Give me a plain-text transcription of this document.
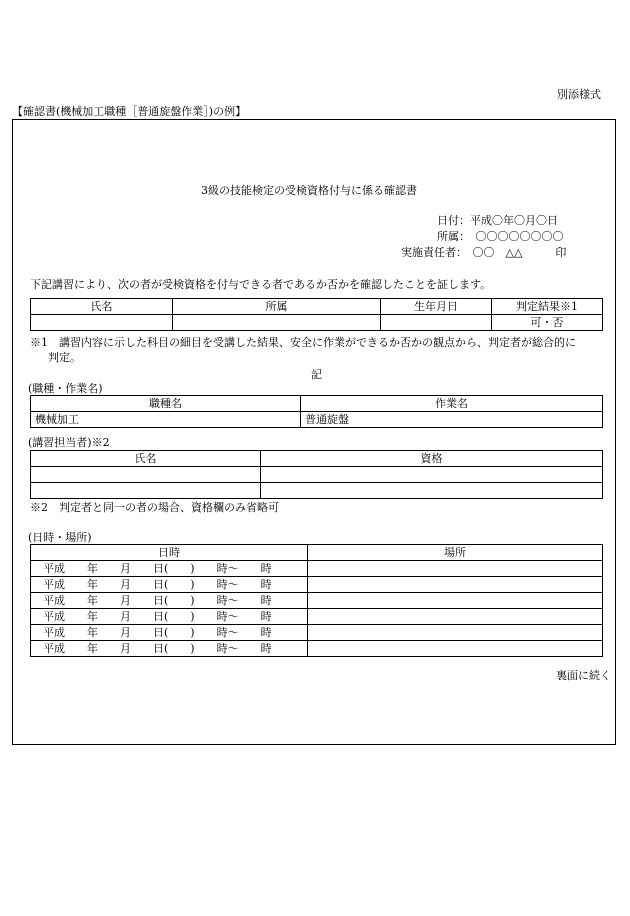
別添様式
【確認書(機械加工職種［普通旋盤作業］)の例】
3級の技能検定の受検資格付与に係る確認書
日付：平成〇年〇月〇日
所属：　〇〇〇〇〇〇〇〇
実施責任者：　〇〇　△△　　　印
下記講習により、次の者が受検資格を付与できる者であるか否かを確認したことを証します。
氏名	所属	生年月日	判定結果※1
			可・否
※1　講習内容に示した科目の細目を受講した結果、安全に作業ができるか否かの観点から、判定者が総合的に
判定。
記
(職種・作業名)
職種名	作業名
機械加工	普通旋盤
(講習担当者)※2
氏名	資格

※2　判定者と同一の者の場合、資格欄のみ省略可
(日時・場所)
日時	場所
平成　　年　　月　　日(　　)　　時～　　時	
平成　　年　　月　　日(　　)　　時～　　時	
平成　　年　　月　　日(　　)　　時～　　時	
平成　　年　　月　　日(　　)　　時～　　時	
平成　　年　　月　　日(　　)　　時～　　時	
平成　　年　　月　　日(　　)　　時～　　時	
裏面に続く
